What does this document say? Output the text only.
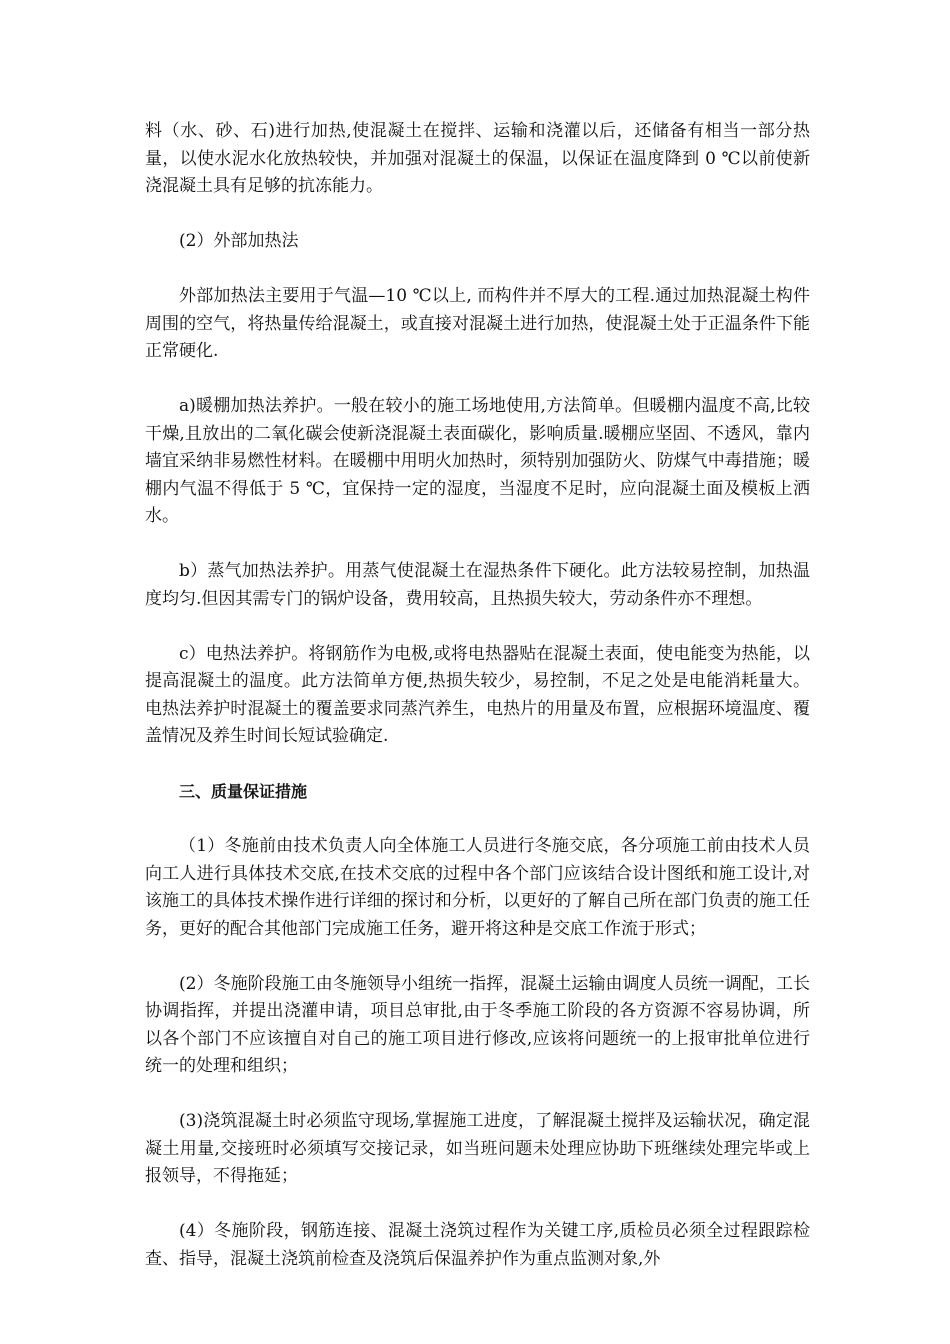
料（水、砂、石)进行加热,使混凝土在搅拌、运输和浇灌以后，还储备有相当一部分热量，以使水泥水化放热较快，并加强对混凝土的保温，以保证在温度降到 0 ℃以前使新浇混凝土具有足够的抗冻能力。

(2）外部加热法

外部加热法主要用于气温—10 ℃以上, 而构件并不厚大的工程.通过加热混凝土构件周围的空气，将热量传给混凝土，或直接对混凝土进行加热，使混凝土处于正温条件下能正常硬化.

a)暖棚加热法养护。一般在较小的施工场地使用,方法简单。但暖棚内温度不高,比较干燥,且放出的二氧化碳会使新浇混凝土表面碳化，影响质量.暖棚应坚固、不透风，靠内墙宜采纳非易燃性材料。在暖棚中用明火加热时，须特别加强防火、防煤气中毒措施；暖棚内气温不得低于 5 ℃，宜保持一定的湿度，当湿度不足时，应向混凝土面及模板上洒水。

b）蒸气加热法养护。用蒸气使混凝土在湿热条件下硬化。此方法较易控制，加热温度均匀.但因其需专门的锅炉设备，费用较高，且热损失较大，劳动条件亦不理想。

c）电热法养护。将钢筋作为电极,或将电热器贴在混凝土表面，使电能变为热能，以提高混凝土的温度。此方法简单方便,热损失较少，易控制，不足之处是电能消耗量大。电热法养护时混凝土的覆盖要求同蒸汽养生，电热片的用量及布置，应根据环境温度、覆盖情况及养生时间长短试验确定.

三、质量保证措施

（1）冬施前由技术负责人向全体施工人员进行冬施交底，各分项施工前由技术人员向工人进行具体技术交底,在技术交底的过程中各个部门应该结合设计图纸和施工设计,对该施工的具体技术操作进行详细的探讨和分析，以更好的了解自己所在部门负责的施工任务，更好的配合其他部门完成施工任务，避开将这种是交底工作流于形式；

(2）冬施阶段施工由冬施领导小组统一指挥，混凝土运输由调度人员统一调配，工长协调指挥，并提出浇灌申请，项目总审批,由于冬季施工阶段的各方资源不容易协调，所以各个部门不应该擅自对自己的施工项目进行修改,应该将问题统一的上报审批单位进行统一的处理和组织；

(3)浇筑混凝土时必须监守现场,掌握施工进度，了解混凝土搅拌及运输状况，确定混凝土用量,交接班时必须填写交接记录，如当班问题未处理应协助下班继续处理完毕或上报领导，不得拖延；

(4）冬施阶段，钢筋连接、混凝土浇筑过程作为关键工序,质检员必须全过程跟踪检查、指导，混凝土浇筑前检查及浇筑后保温养护作为重点监测对象,外
